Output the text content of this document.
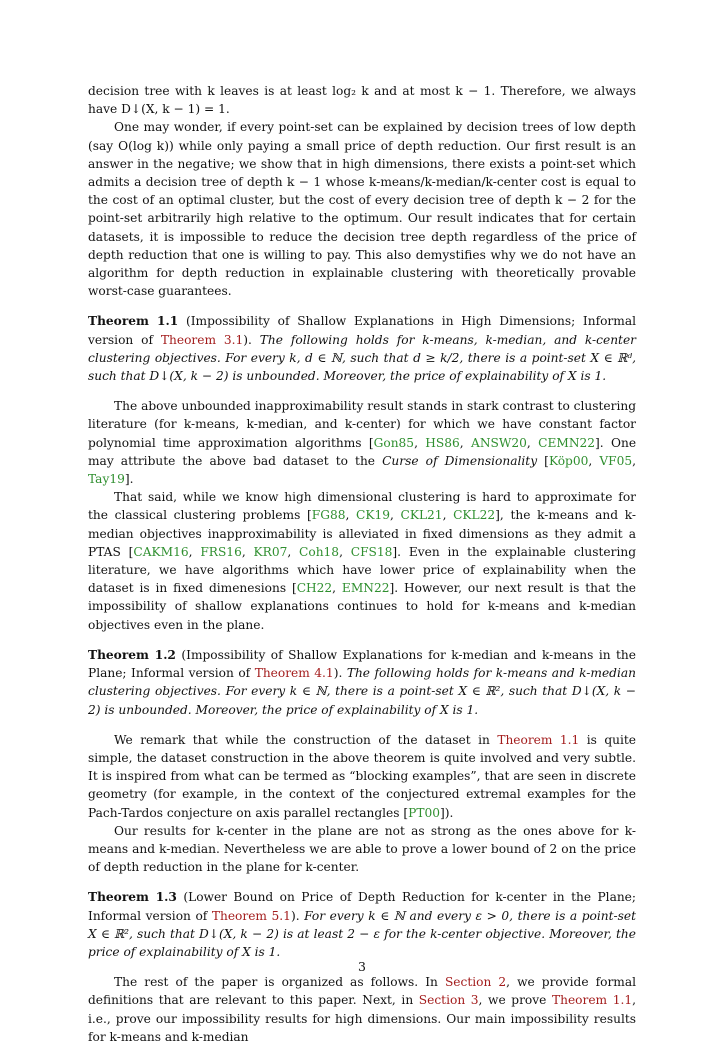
decision tree with k leaves is at least log₂ k and at most k − 1. Therefore, we always have D↓(X, k − 1) = 1.

One may wonder, if every point-set can be explained by decision trees of low depth (say O(log k)) while only paying a small price of depth reduction. Our first result is an answer in the negative; we show that in high dimensions, there exists a point-set which admits a decision tree of depth k − 1 whose k-means/k-median/k-center cost is equal to the cost of an optimal cluster, but the cost of every decision tree of depth k − 2 for the point-set arbitrarily high relative to the optimum. Our result indicates that for certain datasets, it is impossible to reduce the decision tree depth regardless of the price of depth reduction that one is willing to pay. This also demystifies why we do not have an algorithm for depth reduction in explainable clustering with theoretically provable worst-case guarantees.

Theorem 1.1 (Impossibility of Shallow Explanations in High Dimensions; Informal version of Theorem 3.1). The following holds for k-means, k-median, and k-center clustering objectives. For every k, d ∈ ℕ, such that d ≥ k/2, there is a point-set X ∈ ℝᵈ, such that D↓(X, k − 2) is unbounded. Moreover, the price of explainability of X is 1.

The above unbounded inapproximability result stands in stark contrast to clustering literature (for k-means, k-median, and k-center) for which we have constant factor polynomial time approximation algorithms [Gon85, HS86, ANSW20, CEMN22]. One may attribute the above bad dataset to the Curse of Dimensionality [Köp00, VF05, Tay19].

That said, while we know high dimensional clustering is hard to approximate for the classical clustering problems [FG88, CK19, CKL21, CKL22], the k-means and k-median objectives inapproximability is alleviated in fixed dimensions as they admit a PTAS [CAKM16, FRS16, KR07, Coh18, CFS18]. Even in the explainable clustering literature, we have algorithms which have lower price of explainability when the dataset is in fixed dimenesions [CH22, EMN22]. However, our next result is that the impossibility of shallow explanations continues to hold for k-means and k-median objectives even in the plane.

Theorem 1.2 (Impossibility of Shallow Explanations for k-median and k-means in the Plane; Informal version of Theorem 4.1). The following holds for k-means and k-median clustering objectives. For every k ∈ ℕ, there is a point-set X ∈ ℝ², such that D↓(X, k − 2) is unbounded. Moreover, the price of explainability of X is 1.

We remark that while the construction of the dataset in Theorem 1.1 is quite simple, the dataset construction in the above theorem is quite involved and very subtle. It is inspired from what can be termed as “blocking examples”, that are seen in discrete geometry (for example, in the context of the conjectured extremal examples for the Pach-Tardos conjecture on axis parallel rectangles [PT00]).

Our results for k-center in the plane are not as strong as the ones above for k-means and k-median. Nevertheless we are able to prove a lower bound of 2 on the price of depth reduction in the plane for k-center.

Theorem 1.3 (Lower Bound on Price of Depth Reduction for k-center in the Plane; Informal version of Theorem 5.1). For every k ∈ ℕ and every ε > 0, there is a point-set X ∈ ℝ², such that D↓(X, k − 2) is at least 2 − ε for the k-center objective. Moreover, the price of explainability of X is 1.

The rest of the paper is organized as follows. In Section 2, we provide formal definitions that are relevant to this paper. Next, in Section 3, we prove Theorem 1.1, i.e., prove our impossibility results for high dimensions. Our main impossibility results for k-means and k-median

3
